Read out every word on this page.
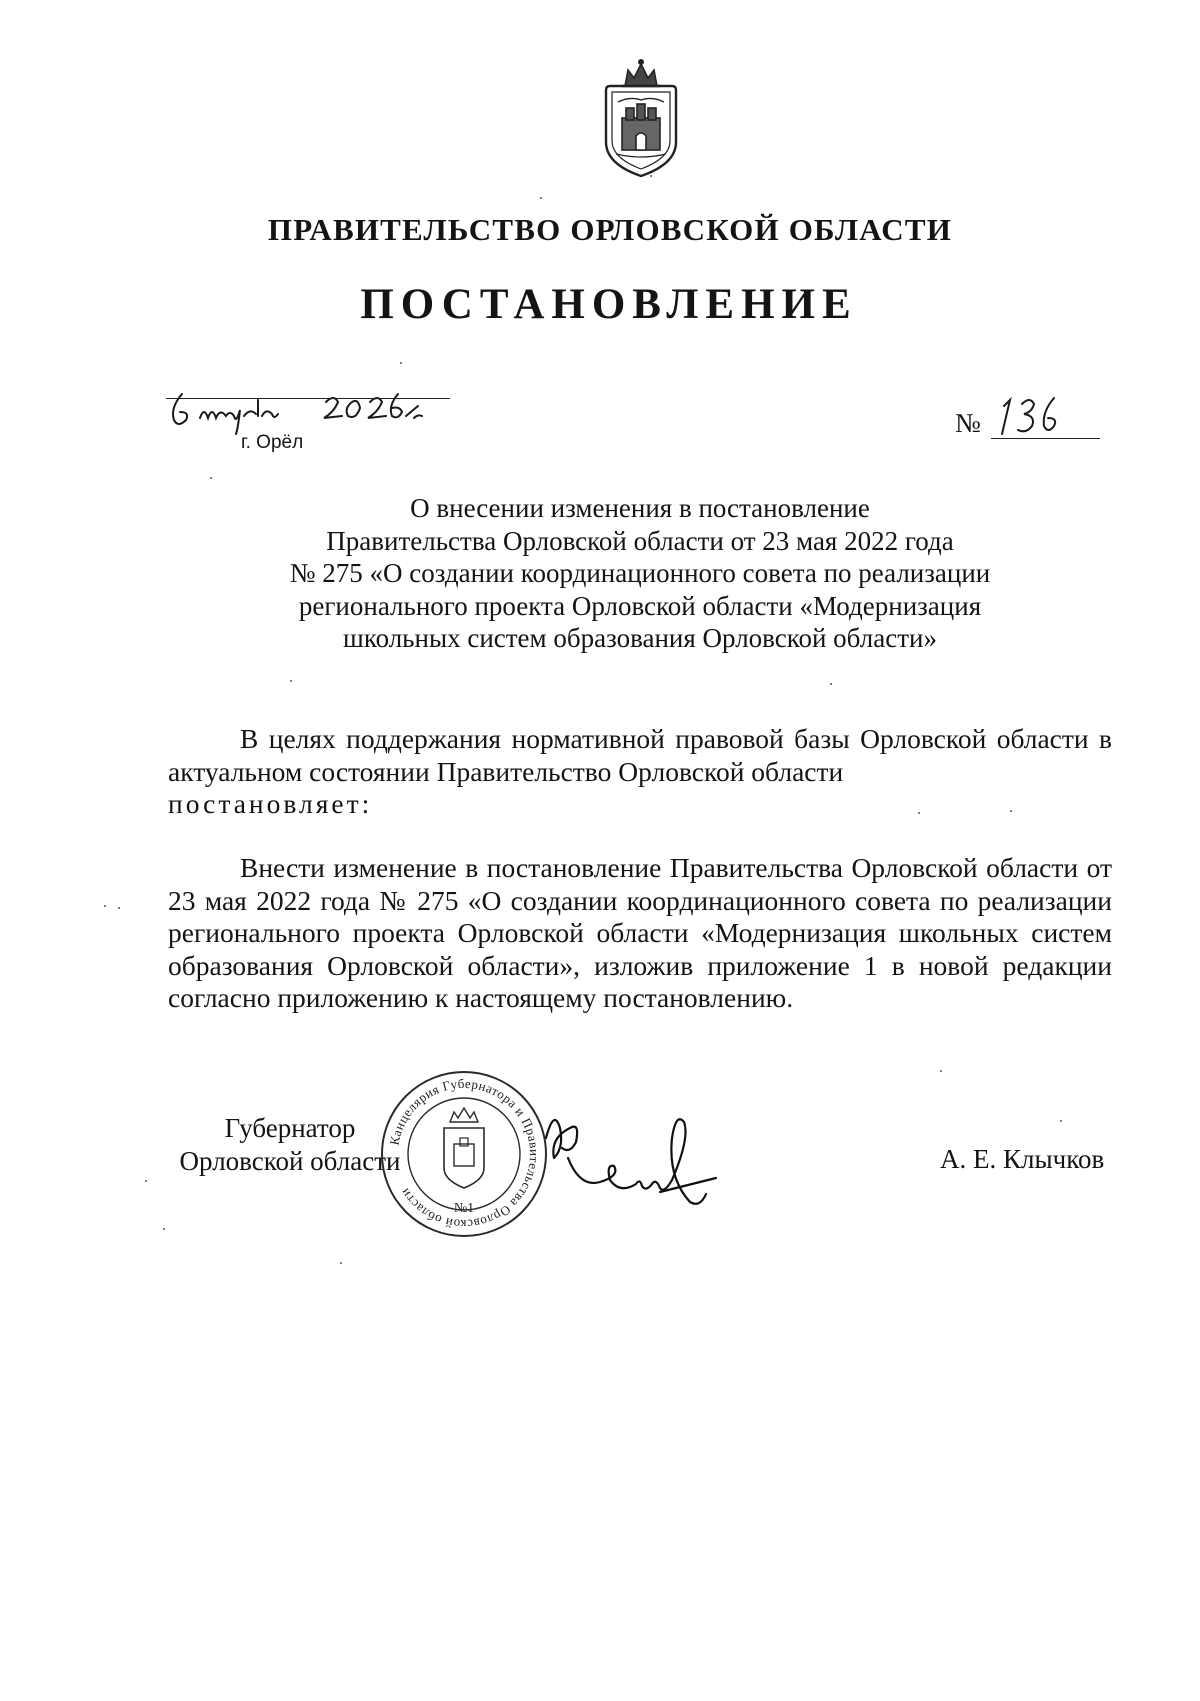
ПРАВИТЕЛЬСТВО ОРЛОВСКОЙ ОБЛАСТИ
ПОСТАНОВЛЕНИЕ
г. Орёл
№
О внесении изменения в постановление
Правительства Орловской области от 23 мая 2022 года
№ 275 «О создании координационного совета по реализации
регионального проекта Орловской области «Модернизация
школьных систем образования Орловской области»

В целях поддержания нормативной правовой базы Орловской области в актуальном состоянии Правительство Орловской области
постановляет:

Внести изменение в постановление Правительства Орловской области от 23 мая 2022 года № 275 «О создании координационного совета по реализации регионального проекта Орловской области «Модернизация школьных систем образования Орловской области», изложив приложение 1 в новой редакции согласно приложению к настоящему постановлению.

Губернатор
Орловской области
Канцелярия Губернатора и Правительства Орловской области
№1
А. Е. Клычков
